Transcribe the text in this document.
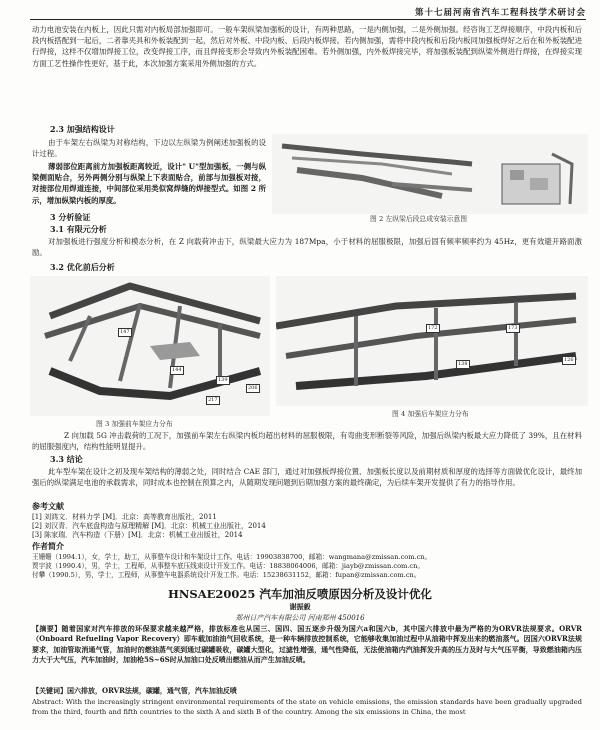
第十七届河南省汽车工程科技学术研讨会

动力电池安装在内板上，因此只需对内板局部加强即可。一般车架纵梁加强板的设计，有两种思路，一是内侧加强，二是外侧加强。经咨询工艺焊接顺序，中段内板和后段内板搭配到一起后，二者靠夹具和外板装配到一起，然后对外板、中段内板、后段内板焊接。若内侧加强，需将中段内板和后段内板同加强板焊好之后在和外板装配进行焊接，这样不仅增加焊接工位，改变焊接工序，而且焊接变形会导致内外板装配困难。若外侧加强，内外板焊接完毕，将加强板装配到纵梁外侧进行焊接，在焊接实现方面工艺性操作性更好，基于此，本次加强方案采用外侧加强的方式。

2.3 加强结构设计

由于车架左右纵梁为对称结构，下边以左纵梁为例阐述加强板的设计过程。

薄弱部位距离前方加强板距离较近，设计" U"型加强板，一侧与纵梁侧面贴合，另外两侧分别与纵梁上下表面贴合，前部与加强板对接，对接部位用焊道连接，中间部位采用类似窝焊缝的焊接型式。如图 2 所示，增加纵梁内板的厚度。

图 2 左纵梁后段总成安装示意图

3 分析验证

3.1 有限元分析

对加强板进行强度分析和模态分析，在 Z 向载荷冲击下，纵梁最大应力为 187Mpa，小于材料的屈服极限，加强后固有频率频率约为 45Hz，更有效避开路面激励。

3.2 优化前后分析

147
144
139
206
217
图 3 加强前车架应力分布
172	173
138
126
图 4 加强后车架应力分布

Z 向加载 5G 冲击载荷的工况下，加强前车架左右纵梁内板均超出材料的屈服极限，有弯曲变形断裂等风险，加强后纵梁内板最大应力降低了 39%，且在材料的屈服强度内，结构性能明显提升。

3.3 结论

此车型车架在设计之初及现车架结构的薄弱之处，同时结合 CAE 部门，通过对加强板焊接位置、加强板长度以及前期材质和厚度的选择等方面做优化设计，最终加强后的纵梁满足电池的承载需求，同时成本也控制在预算之内，从随期发现问题到后期加强方案的最终确定，为后续车架开发提供了有力的指导作用。

参考文献

[1] 刘鸿文．材料力学 [M]．北京：高等教育出版社，2011

[2] 刘汉青．汽车底盘构造与原理精解 [M]．北京：机械工业出版社，2014

[3] 陈家瑞．汽车构造（下册）[M]．北京：机械工业出版社，2014

作者简介

王姗姗（1994.1），女，学士，助工，从事整车设计和车架设计工作。电话：19903838700，邮箱：wangmana@zmissan.com.cn。

贾宇波（1990.4），男，学士，工程师，从事整车底压线束设计开发工作。电话：18838064006，邮箱：jiayb@zmissan.com.cn。

付攀（1990.5），男，学士，工程师，从事整车电器系统设计开发工作。电话：15238631152，邮箱：fupan@zmissan.com.cn。

HNSAE20025 汽车加油反喷原因分析及设计优化
谢振毅
郑州日产汽车有限公司 河南郑州 450016

【摘要】随着国家对汽车排放的环保要求越来越严格，排放标准也从国三、国四、国五逐步升级为国六a和国六b，其中国六排放中最为严格的为ORVR法规要求。ORVR（Onboard Refueling Vapor Recovery）即车载加油油气回收系统，是一种车辆排放控制系统，它能够收集加油过程中从油箱中挥发出来的燃油蒸气。因国六ORVR法规要求，加油管取消通气管，加油时的燃油蒸气须到通过碳罐吸收，碳罐大型化，过滤性增强，通气性降低，无法使油箱内汽油挥发升高的压力及时与大气压平衡，导致燃油箱内压力大于大气压，汽车加油时，加油枪5S~6S时从加油口处反喷出燃油从而产生加油反喷。

【关键词】国六排放，ORVR法规，碳罐，通气管，汽车加油反喷

Abstract: With the increasingly stringent environmental requirements of the state on vehicle emissions, the emission standards have been gradually upgraded from the third, fourth and fifth countries to the sixth A and sixth B of the country. Among the six emissions in China, the most
